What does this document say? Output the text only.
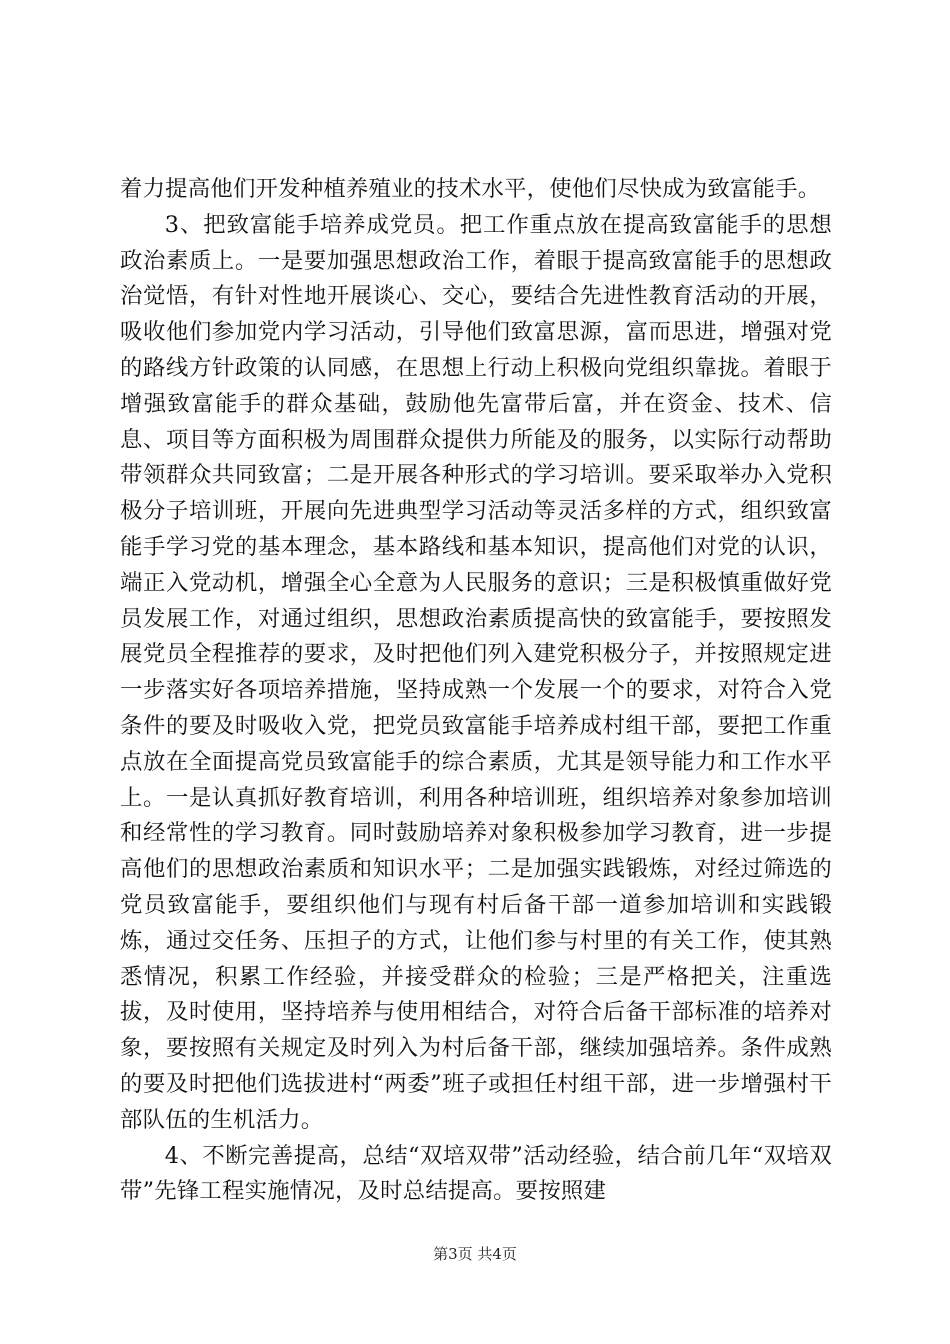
着力提高他们开发种植养殖业的技术水平，使他们尽快成为致富能手。

3、把致富能手培养成党员。把工作重点放在提高致富能手的思想政治素质上。一是要加强思想政治工作，着眼于提高致富能手的思想政治觉悟，有针对性地开展谈心、交心，要结合先进性教育活动的开展，吸收他们参加党内学习活动，引导他们致富思源，富而思进，增强对党的路线方针政策的认同感，在思想上行动上积极向党组织靠拢。着眼于增强致富能手的群众基础，鼓励他先富带后富，并在资金、技术、信息、项目等方面积极为周围群众提供力所能及的服务，以实际行动帮助带领群众共同致富；二是开展各种形式的学习培训。要采取举办入党积极分子培训班，开展向先进典型学习活动等灵活多样的方式，组织致富能手学习党的基本理念，基本路线和基本知识，提高他们对党的认识，端正入党动机，增强全心全意为人民服务的意识；三是积极慎重做好党员发展工作，对通过组织，思想政治素质提高快的致富能手，要按照发展党员全程推荐的要求，及时把他们列入建党积极分子，并按照规定进一步落实好各项培养措施，坚持成熟一个发展一个的要求，对符合入党条件的要及时吸收入党，把党员致富能手培养成村组干部，要把工作重点放在全面提高党员致富能手的综合素质，尤其是领导能力和工作水平上。一是认真抓好教育培训，利用各种培训班，组织培养对象参加培训和经常性的学习教育。同时鼓励培养对象积极参加学习教育，进一步提高他们的思想政治素质和知识水平；二是加强实践锻炼，对经过筛选的党员致富能手，要组织他们与现有村后备干部一道参加培训和实践锻炼，通过交任务、压担子的方式，让他们参与村里的有关工作，使其熟悉情况，积累工作经验，并接受群众的检验；三是严格把关，注重选拔，及时使用，坚持培养与使用相结合，对符合后备干部标准的培养对象，要按照有关规定及时列入为村后备干部，继续加强培养。条件成熟的要及时把他们选拔进村“两委”班子或担任村组干部，进一步增强村干部队伍的生机活力。

4、不断完善提高，总结“双培双带”活动经验，结合前几年“双培双带”先锋工程实施情况，及时总结提高。要按照建

第3页 共4页
